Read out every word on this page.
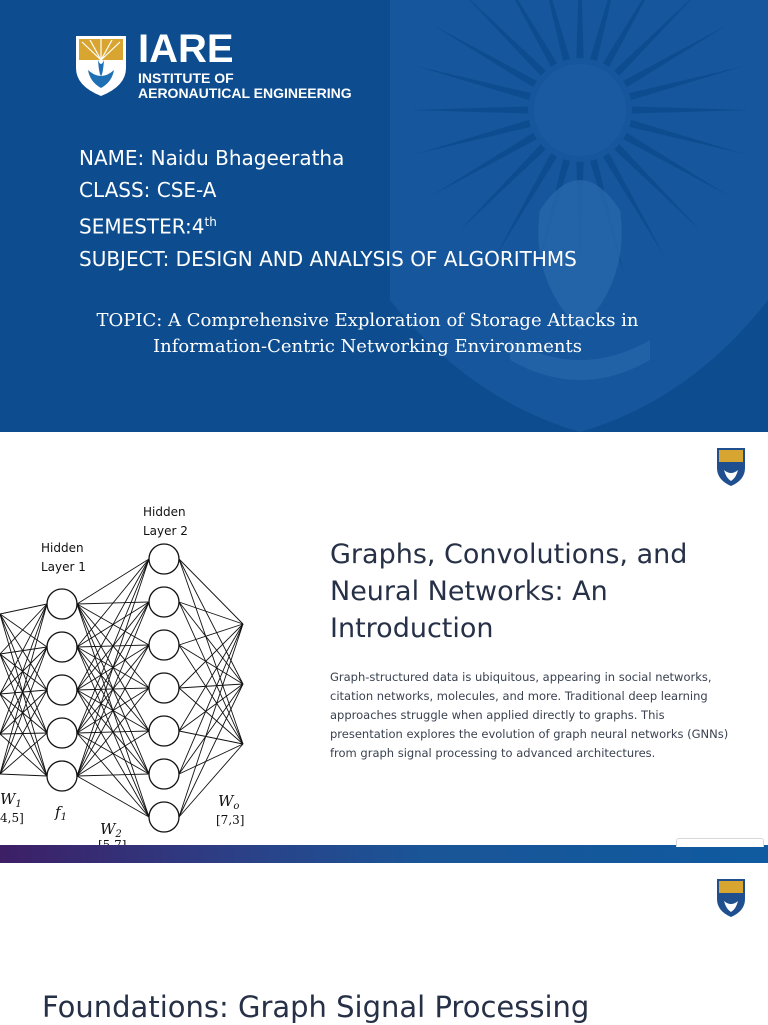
IARE
INSTITUTE OF
AERONAUTICAL ENGINEERING
NAME: Naidu Bhageeratha
CLASS: CSE-A
SEMESTER:4th
SUBJECT: DESIGN AND ANALYSIS OF ALGORITHMS
TOPIC: A Comprehensive Exploration of Storage Attacks in Information-Centric Networking Environments
Hidden
Layer 1
Hidden
Layer 2
$W_1$
4,5] $f_1$
$W_2$
$W_o$
[7,3]
Graphs, Convolutions, and Neural Networks: An Introduction
Graph-structured data is ubiquitous, appearing in social networks, citation networks, molecules, and more. Traditional deep learning approaches struggle when applied directly to graphs. This presentation explores the evolution of graph neural networks (GNNs) from graph signal processing to advanced architectures.
Foundations: Graph Signal Processing
